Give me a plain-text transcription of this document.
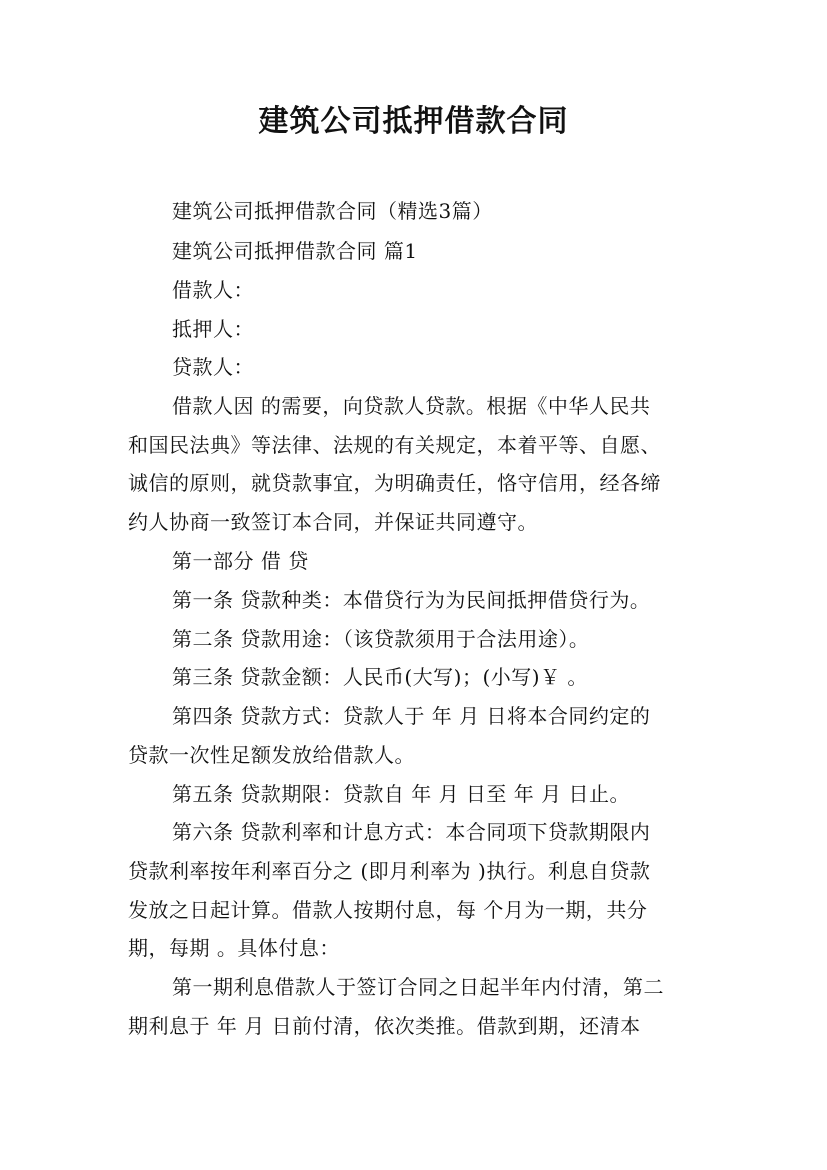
建筑公司抵押借款合同
建筑公司抵押借款合同（精选3篇）
建筑公司抵押借款合同 篇1
借款人：
抵押人：
贷款人：
借款人因 的需要，向贷款人贷款。根据《中华人民共
和国民法典》等法律、法规的有关规定，本着平等、自愿、
诚信的原则，就贷款事宜，为明确责任，恪守信用，经各缔
约人协商一致签订本合同，并保证共同遵守。
第一部分 借 贷
第一条 贷款种类：本借贷行为为民间抵押借贷行为。
第二条 贷款用途：（该贷款须用于合法用途）。
第三条 贷款金额：人民币(大写)；(小写)￥ 。
第四条 贷款方式：贷款人于 年 月 日将本合同约定的
贷款一次性足额发放给借款人。
第五条 贷款期限：贷款自 年 月 日至 年 月 日止。
第六条 贷款利率和计息方式：本合同项下贷款期限内
贷款利率按年利率百分之 (即月利率为 )执行。利息自贷款
发放之日起计算。借款人按期付息，每 个月为一期，共分
期，每期 。具体付息：
第一期利息借款人于签订合同之日起半年内付清，第二
期利息于 年 月 日前付清，依次类推。借款到期，还清本
